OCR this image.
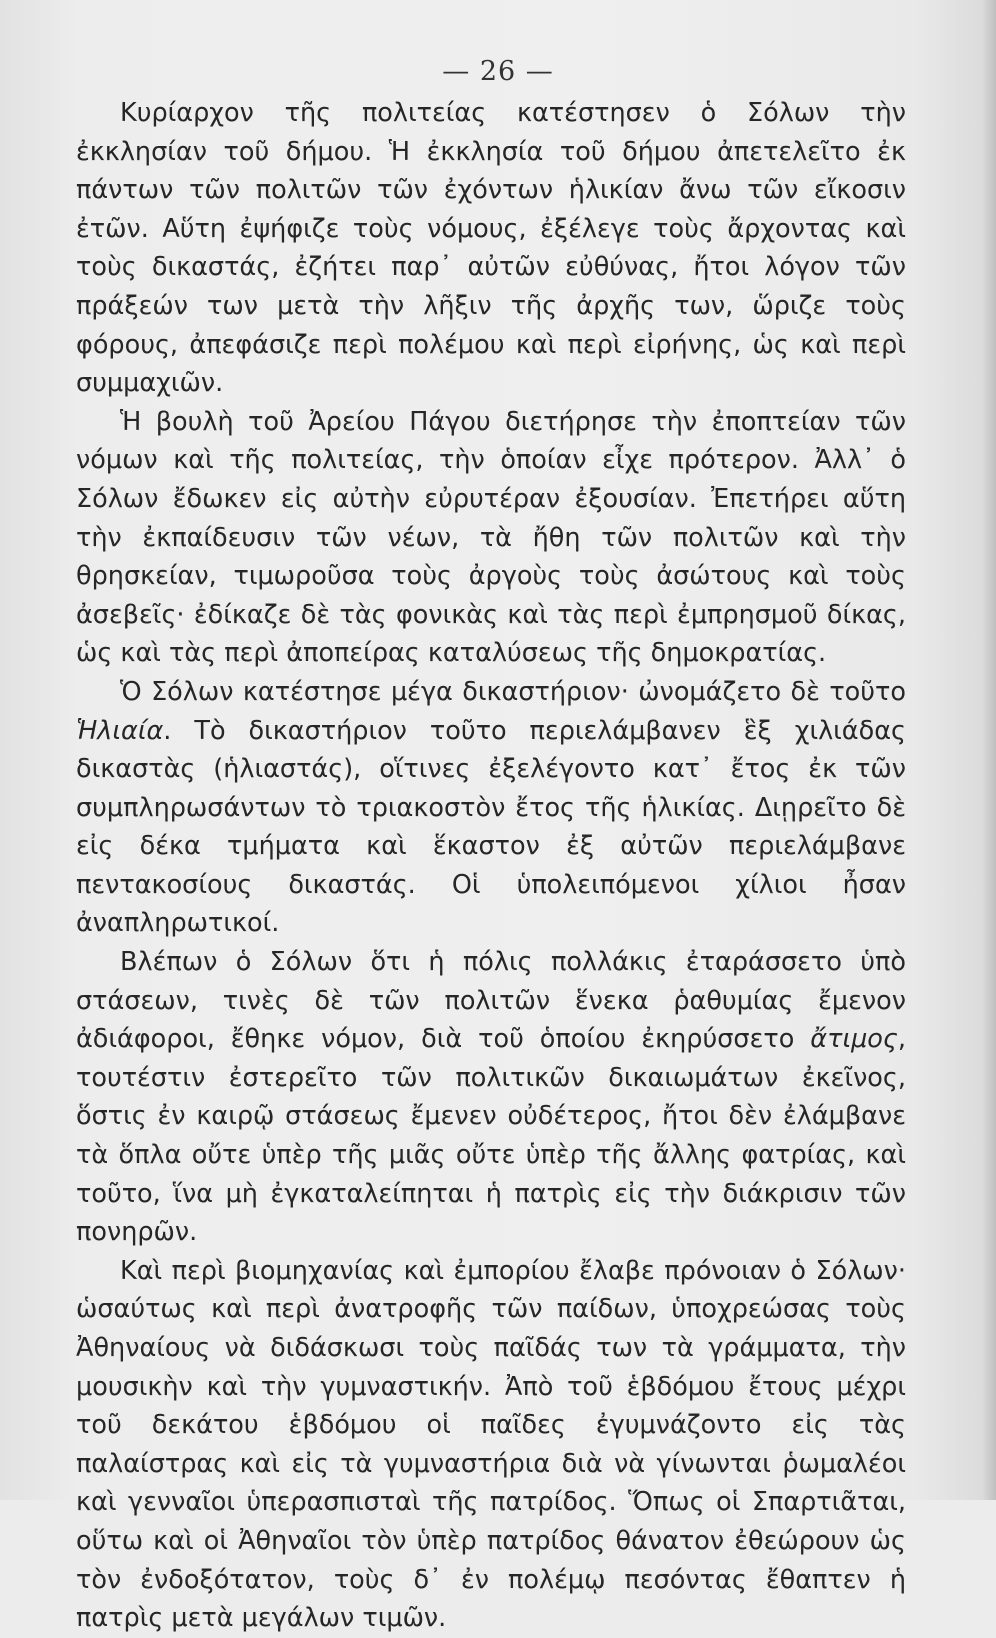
— 26 —

Κυρίαρχον τῆς πολιτείας κατέστησεν ὁ Σόλων τὴν ἐκκλησίαν τοῦ δήμου. Ἡ ἐκκλησία τοῦ δήμου ἀπετελεῖτο ἐκ πάντων τῶν πολιτῶν τῶν ἐχόντων ἡλικίαν ἄνω τῶν εἴκοσιν ἐτῶν. Αὕτη ἐψήφιζε τοὺς νόμους, ἐξέλεγε τοὺς ἄρχοντας καὶ τοὺς δικαστάς, ἐζήτει παρ᾽ αὐτῶν εὐθύνας, ἤτοι λόγον τῶν πράξεών των μετὰ τὴν λῆξιν τῆς ἀρχῆς των, ὥριζε τοὺς φόρους, ἀπεφάσιζε περὶ πολέμου καὶ περὶ εἰρήνης, ὡς καὶ περὶ συμμαχιῶν.

Ἡ βουλὴ τοῦ Ἀρείου Πάγου διετήρησε τὴν ἐποπτείαν τῶν νόμων καὶ τῆς πολιτείας, τὴν ὁποίαν εἶχε πρότερον. Ἀλλ᾽ ὁ Σόλων ἔδωκεν εἰς αὐτὴν εὐρυτέραν ἐξουσίαν. Ἐπετήρει αὕτη τὴν ἐκπαίδευσιν τῶν νέων, τὰ ἤθη τῶν πολιτῶν καὶ τὴν θρησκείαν, τιμωροῦσα τοὺς ἀργοὺς τοὺς ἀσώτους καὶ τοὺς ἀσεβεῖς· ἐδίκαζε δὲ τὰς φονικὰς καὶ τὰς περὶ ἐμπρησμοῦ δίκας, ὡς καὶ τὰς περὶ ἀποπείρας καταλύσεως τῆς δημοκρατίας.

Ὁ Σόλων κατέστησε μέγα δικαστήριον· ὠνομάζετο δὲ τοῦτο Ἡλιαία. Τὸ δικαστήριον τοῦτο περιελάμβανεν ἓξ χιλιάδας δικαστὰς (ἡλιαστάς), οἵτινες ἐξελέγοντο κατ᾽ ἔτος ἐκ τῶν συμπληρωσάντων τὸ τριακοστὸν ἔτος τῆς ἡλικίας. Διῃρεῖτο δὲ εἰς δέκα τμήματα καὶ ἕκαστον ἐξ αὐτῶν περιελάμβανε πεντακοσίους δικαστάς. Οἱ ὑπολειπόμενοι χίλιοι ἦσαν ἀναπληρωτικοί.

Βλέπων ὁ Σόλων ὅτι ἡ πόλις πολλάκις ἐταράσσετο ὑπὸ στάσεων, τινὲς δὲ τῶν πολιτῶν ἕνεκα ῥαθυμίας ἔμενον ἀδιάφοροι, ἔθηκε νόμον, διὰ τοῦ ὁποίου ἐκηρύσσετο ἄτιμος, τουτέστιν ἐστερεῖτο τῶν πολιτικῶν δικαιωμάτων ἐκεῖνος, ὅστις ἐν καιρῷ στάσεως ἔμενεν οὐδέτερος, ἤτοι δὲν ἐλάμβανε τὰ ὅπλα οὔτε ὑπὲρ τῆς μιᾶς οὔτε ὑπὲρ τῆς ἄλλης φατρίας, καὶ τοῦτο, ἵνα μὴ ἐγκαταλείπηται ἡ πατρὶς εἰς τὴν διάκρισιν τῶν πονηρῶν.

Καὶ περὶ βιομηχανίας καὶ ἐμπορίου ἔλαβε πρόνοιαν ὁ Σόλων· ὡσαύτως καὶ περὶ ἀνατροφῆς τῶν παίδων, ὑποχρεώσας τοὺς Ἀθηναίους νὰ διδάσκωσι τοὺς παῖδάς των τὰ γράμματα, τὴν μουσικὴν καὶ τὴν γυμναστικήν. Ἀπὸ τοῦ ἑβδόμου ἔτους μέχρι τοῦ δεκάτου ἑβδόμου οἱ παῖδες ἐγυμνάζοντο εἰς τὰς παλαίστρας καὶ εἰς τὰ γυμναστήρια διὰ νὰ γίνωνται ῥωμαλέοι καὶ γενναῖοι ὑπερασπισταὶ τῆς πατρίδος. Ὅπως οἱ Σπαρτιᾶται, οὕτω καὶ οἱ Ἀθηναῖοι τὸν ὑπὲρ πατρίδος θάνατον ἐθεώρουν ὡς τὸν ἐνδοξότατον, τοὺς δ᾽ ἐν πολέμῳ πεσόντας ἔθαπτεν ἡ πατρὶς μετὰ μεγάλων τιμῶν.
